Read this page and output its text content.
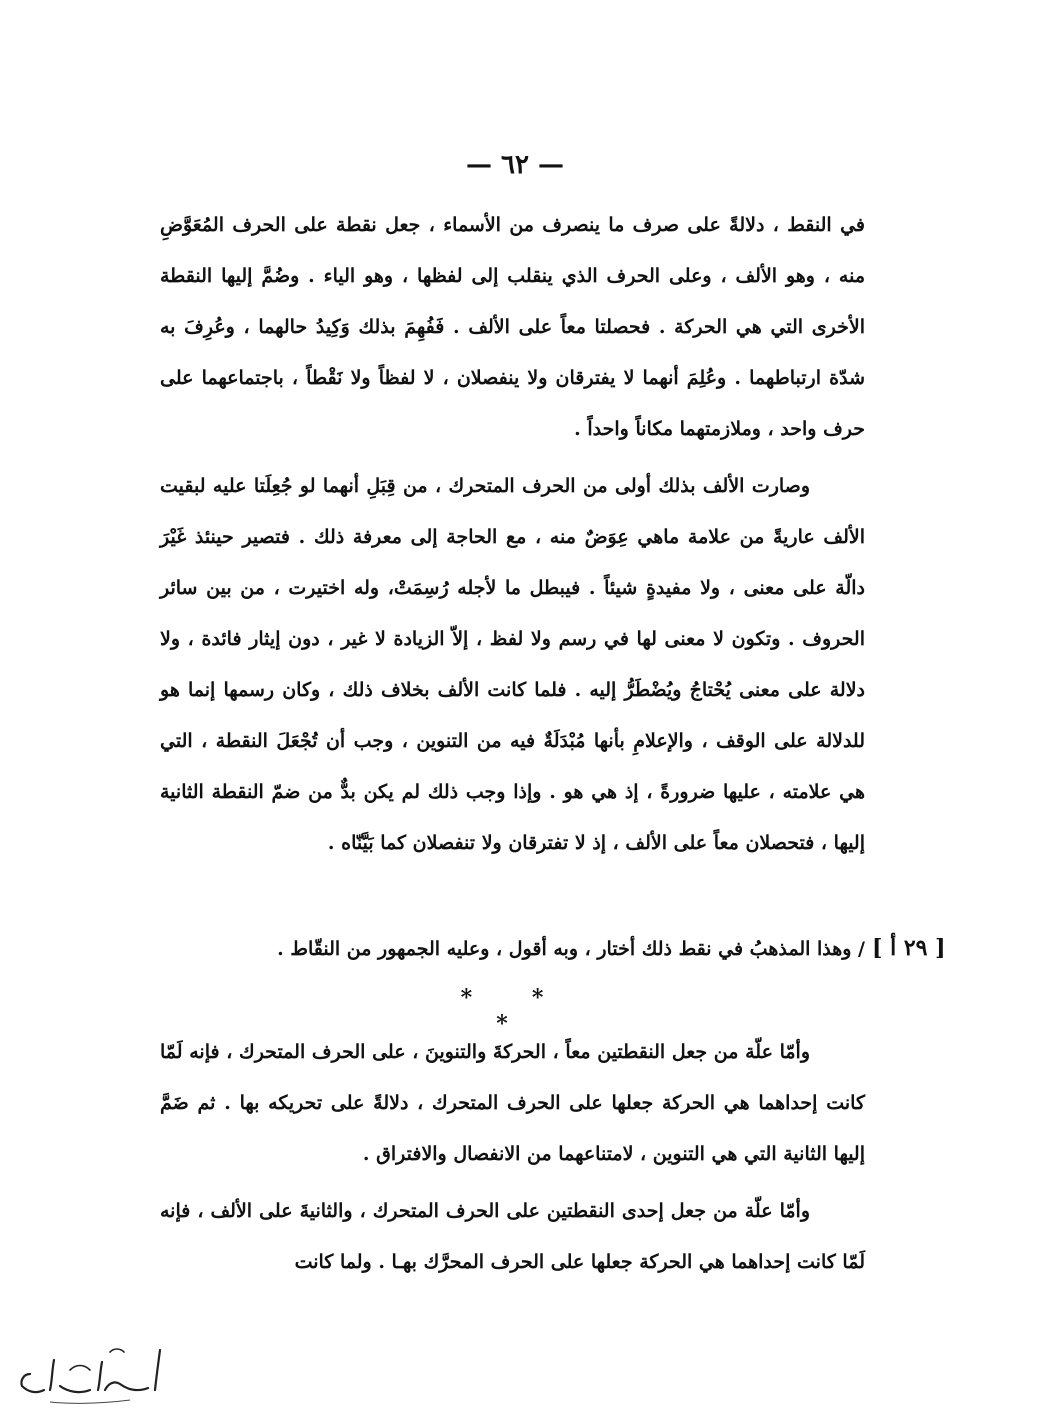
— ٦٢ —

في النقط ، دلالةً على صرف ما ينصرف من الأسماء ، جعل نقطة على الحرف المُعَوَّضِ منه ، وهو الألف ، وعلى الحرف الذي ينقلب إلى لفظها ، وهو الياء . وضُمَّ إليها النقطة الأخرى التي هي الحركة . فحصلتا معاً على الألف . فَفُهِمَ بذلك وَكِيدُ حالهما ، وعُرِفَ به شدّة ارتباطهما . وعُلِمَ أنهما لا يفترقان ولا ينفصلان ، لا لفظاً ولا نَقْطاً ، باجتماعهما على حرف واحد ، وملازمتهما مكاناً واحداً .

وصارت الألف بذلك أولى من الحرف المتحرك ، من قِبَلِ أنهما لو جُعِلَتا عليه لبقيت الألف عاريةً من علامة ماهي عِوَضٌ منه ، مع الحاجة إلى معرفة ذلك . فتصير حينئذ غَيْرَ دالّة على معنى ، ولا مفيدةٍ شيئاً . فيبطل ما لأجله رُسِمَتْ، وله اختيرت ، من بين سائر الحروف . وتكون لا معنى لها في رسم ولا لفظ ، إلاّ الزيادة لا غير ، دون إيثار فائدة ، ولا دلالة على معنى يُحْتاجُ ويُضْطَرُّ إليه . فلما كانت الألف بخلاف ذلك ، وكان رسمها إنما هو للدلالة على الوقف ، والإعلامِ بأنها مُبْدَلَةٌ فيه من التنوين ، وجب أن تُجْعَلَ النقطة ، التي هي علامته ، عليها ضرورةً ، إذ هي هو . وإذا وجب ذلك لم يكن بدٌّ من ضمّ النقطة الثانية إليها ، فتحصلان معاً على الألف ، إذ لا تفترقان ولا تنفصلان كما بَيَّنّاه .

[ ٢٩ أ ]

/ وهذا المذهبُ في نقط ذلك أختار ، وبه أقول ، وعليه الجمهور من النقّاط .

* * *

وأمّا علّة من جعل النقطتين معاً ، الحركةَ والتنوينَ ، على الحرف المتحرك ، فإنه لَمّا كانت إحداهما هي الحركة جعلها على الحرف المتحرك ، دلالةً على تحريكه بها . ثم ضَمَّ إليها الثانية التي هي التنوين ، لامتناعهما من الانفصال والافتراق .

وأمّا علّة من جعل إحدى النقطتين على الحرف المتحرك ، والثانيةَ على الألف ، فإنه لَمّا كانت إحداهما هي الحركة جعلها على الحرف المحرَّك بهـا . ولما كانت
